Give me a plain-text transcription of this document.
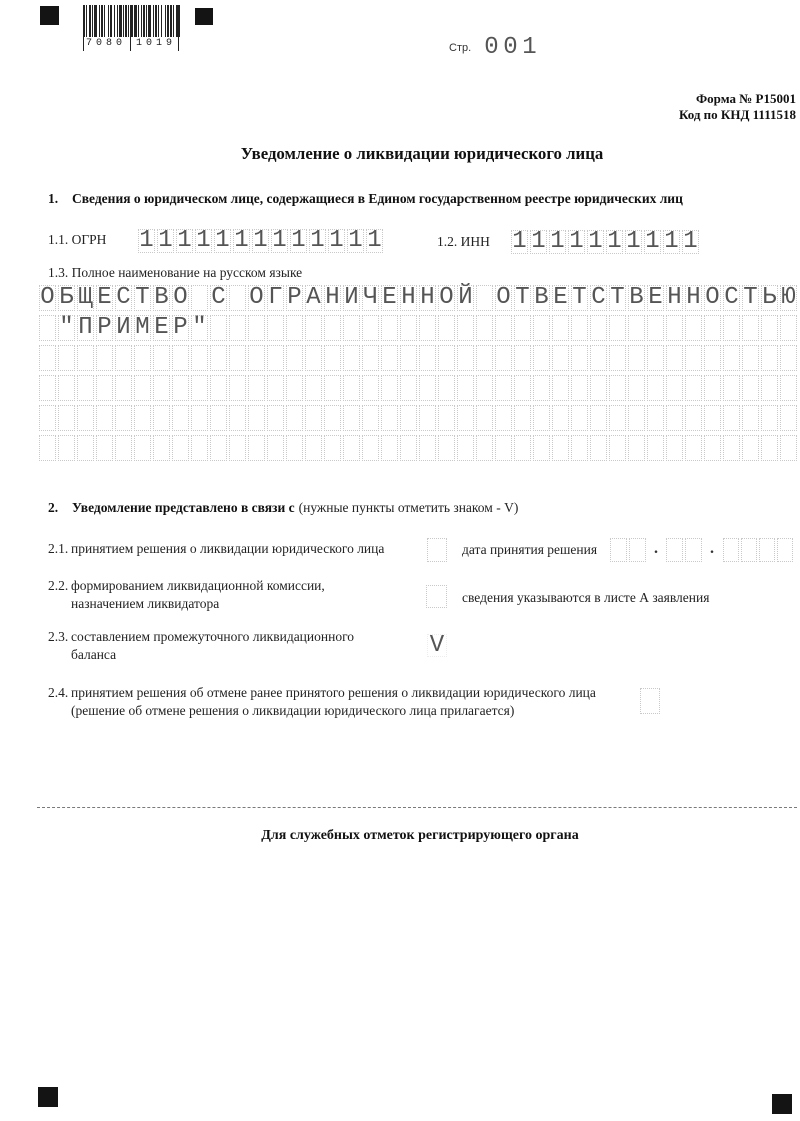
7080 1019	Стр. 0 0 1
Форма № Р15001
Код по КНД 1111518
Уведомление о ликвидации юридического лица
1. Сведения о юридическом лице, содержащиеся в Едином государственном реестре юридических лиц
1.1. ОГРН 1 1 1 1 1 1 1 1 1 1 1 1 1	1.2. ИНН 1 1 1 1 1 1 1 1 1 1
1.3. Полное наименование на русском языке
О Б Щ Е С Т В О
С
О Г Р А Н И Ч Е Н Н О Й
О Т В Е Т С Т В Е Н Н О С Т Ь Ю

" П Р И М Е Р "
2. Уведомление представлено в связи с (нужные пункты отметить знаком - V)
2.1. принятием решения о ликвидации юридического лица	дата принятия решения	.	.
2.2. формированием ликвидационной комиссии,
назначением ликвидатора	сведения указываются в листе А заявления
2.3. составлением промежуточного ликвидационного
баланса	V
2.4. принятием решения об отмене ранее принятого решения о ликвидации юридического лица
(решение об отмене решения о ликвидации юридического лица прилагается)
Для служебных отметок регистрирующего органа
